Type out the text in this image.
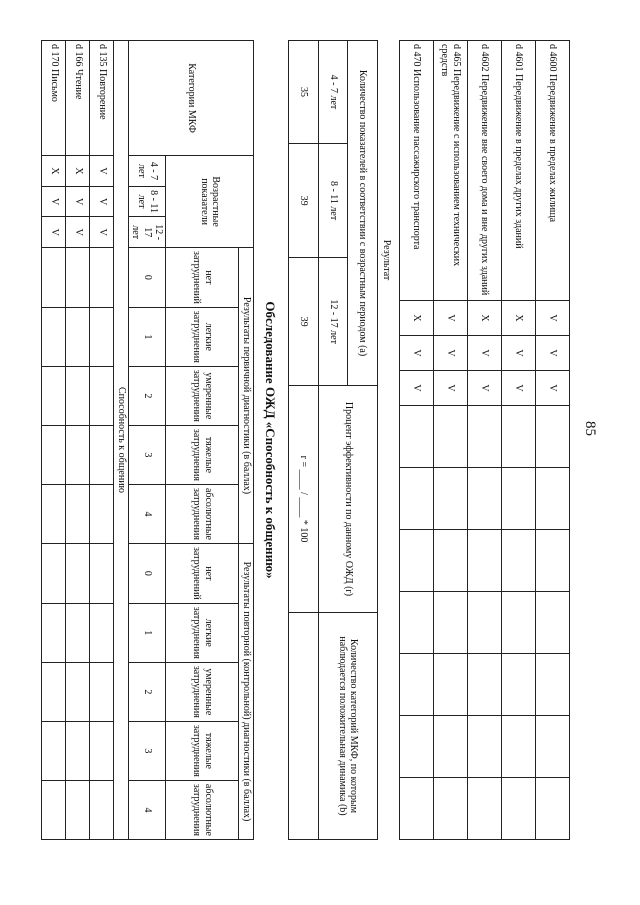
85
d 4600 Передвижение в пределах жилища	V	V	V							
d 4601 Передвижение в пределах других зданий	X	V	V							
d 4602 Передвижение вне своего дома и вне других зданий	X	V	V							
d 465 Передвижение с использованием технических средств	V	V	V							
d 470 Использование пассажирского транспорта	X	V	V							
Результат
Количество показателей в соответствии с возрастным периодом (а)			Процент эффективности по данному ОЖД (r)	Количество категорий МКФ, по которым наблюдается положительная динамика (b)
4 - 7 лет	8 - 11 лет	12 - 17 лет		
35	39	39	r = ____ / ____ * 100	
Обследование ОЖД «Способность к общению»
Категории МКФ	Возрастные показатели			Результаты первичной диагностики (в баллах)					Результаты повторной (контрольной) диагностики (в баллах)				
				нет затруднений	легкие затруднения	умеренные затруднения	тяжелые затруднения	абсолютные затруднения	нет затруднений	легкие затруднения	умеренные затруднения	тяжелые затруднения	абсолютные затруднения
	4 - 7 лет	8 - 11 лет	12 - 17 лет	0	1	2	3	4	0	1	2	3	4
Способность к общению													
d 135 Повторение	V	V	V										
d 166 Чтение	X	V	V										
d 170 Письмо	X	V	V										
